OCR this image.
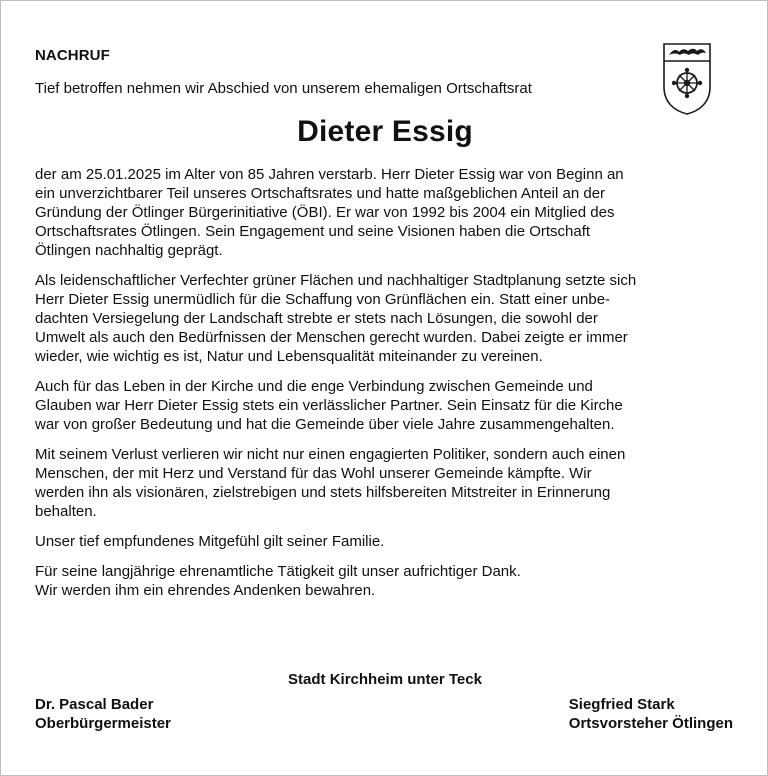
NACHRUF
Tief betroffen nehmen wir Abschied von unserem ehemaligen Ortschaftsrat
Dieter Essig

der am 25.01.2025 im Alter von 85 Jahren verstarb. Herr Dieter Essig war von Beginn an
ein unverzichtbarer Teil unseres Ortschaftsrates und hatte maßgeblichen Anteil an der
Gründung der Ötlinger Bürgerinitiative (ÖBI). Er war von 1992 bis 2004 ein Mitglied des
Ortschaftsrates Ötlingen. Sein Engagement und seine Visionen haben die Ortschaft
Ötlingen nachhaltig geprägt.

Als leidenschaftlicher Verfechter grüner Flächen und nachhaltiger Stadtplanung setzte sich
Herr Dieter Essig unermüdlich für die Schaffung von Grünflächen ein. Statt einer unbe-
dachten Versiegelung der Landschaft strebte er stets nach Lösungen, die sowohl der
Umwelt als auch den Bedürfnissen der Menschen gerecht wurden. Dabei zeigte er immer
wieder, wie wichtig es ist, Natur und Lebensqualität miteinander zu vereinen.

Auch für das Leben in der Kirche und die enge Verbindung zwischen Gemeinde und
Glauben war Herr Dieter Essig stets ein verlässlicher Partner. Sein Einsatz für die Kirche
war von großer Bedeutung und hat die Gemeinde über viele Jahre zusammengehalten.

Mit seinem Verlust verlieren wir nicht nur einen engagierten Politiker, sondern auch einen
Menschen, der mit Herz und Verstand für das Wohl unserer Gemeinde kämpfte. Wir
werden ihn als visionären, zielstrebigen und stets hilfsbereiten Mitstreiter in Erinnerung
behalten.

Unser tief empfundenes Mitgefühl gilt seiner Familie.

Für seine langjährige ehrenamtliche Tätigkeit gilt unser aufrichtiger Dank.
Wir werden ihm ein ehrendes Andenken bewahren.

Stadt Kirchheim unter Teck
Dr. Pascal Bader
Oberbürgermeister
Siegfried Stark
Ortsvorsteher Ötlingen
